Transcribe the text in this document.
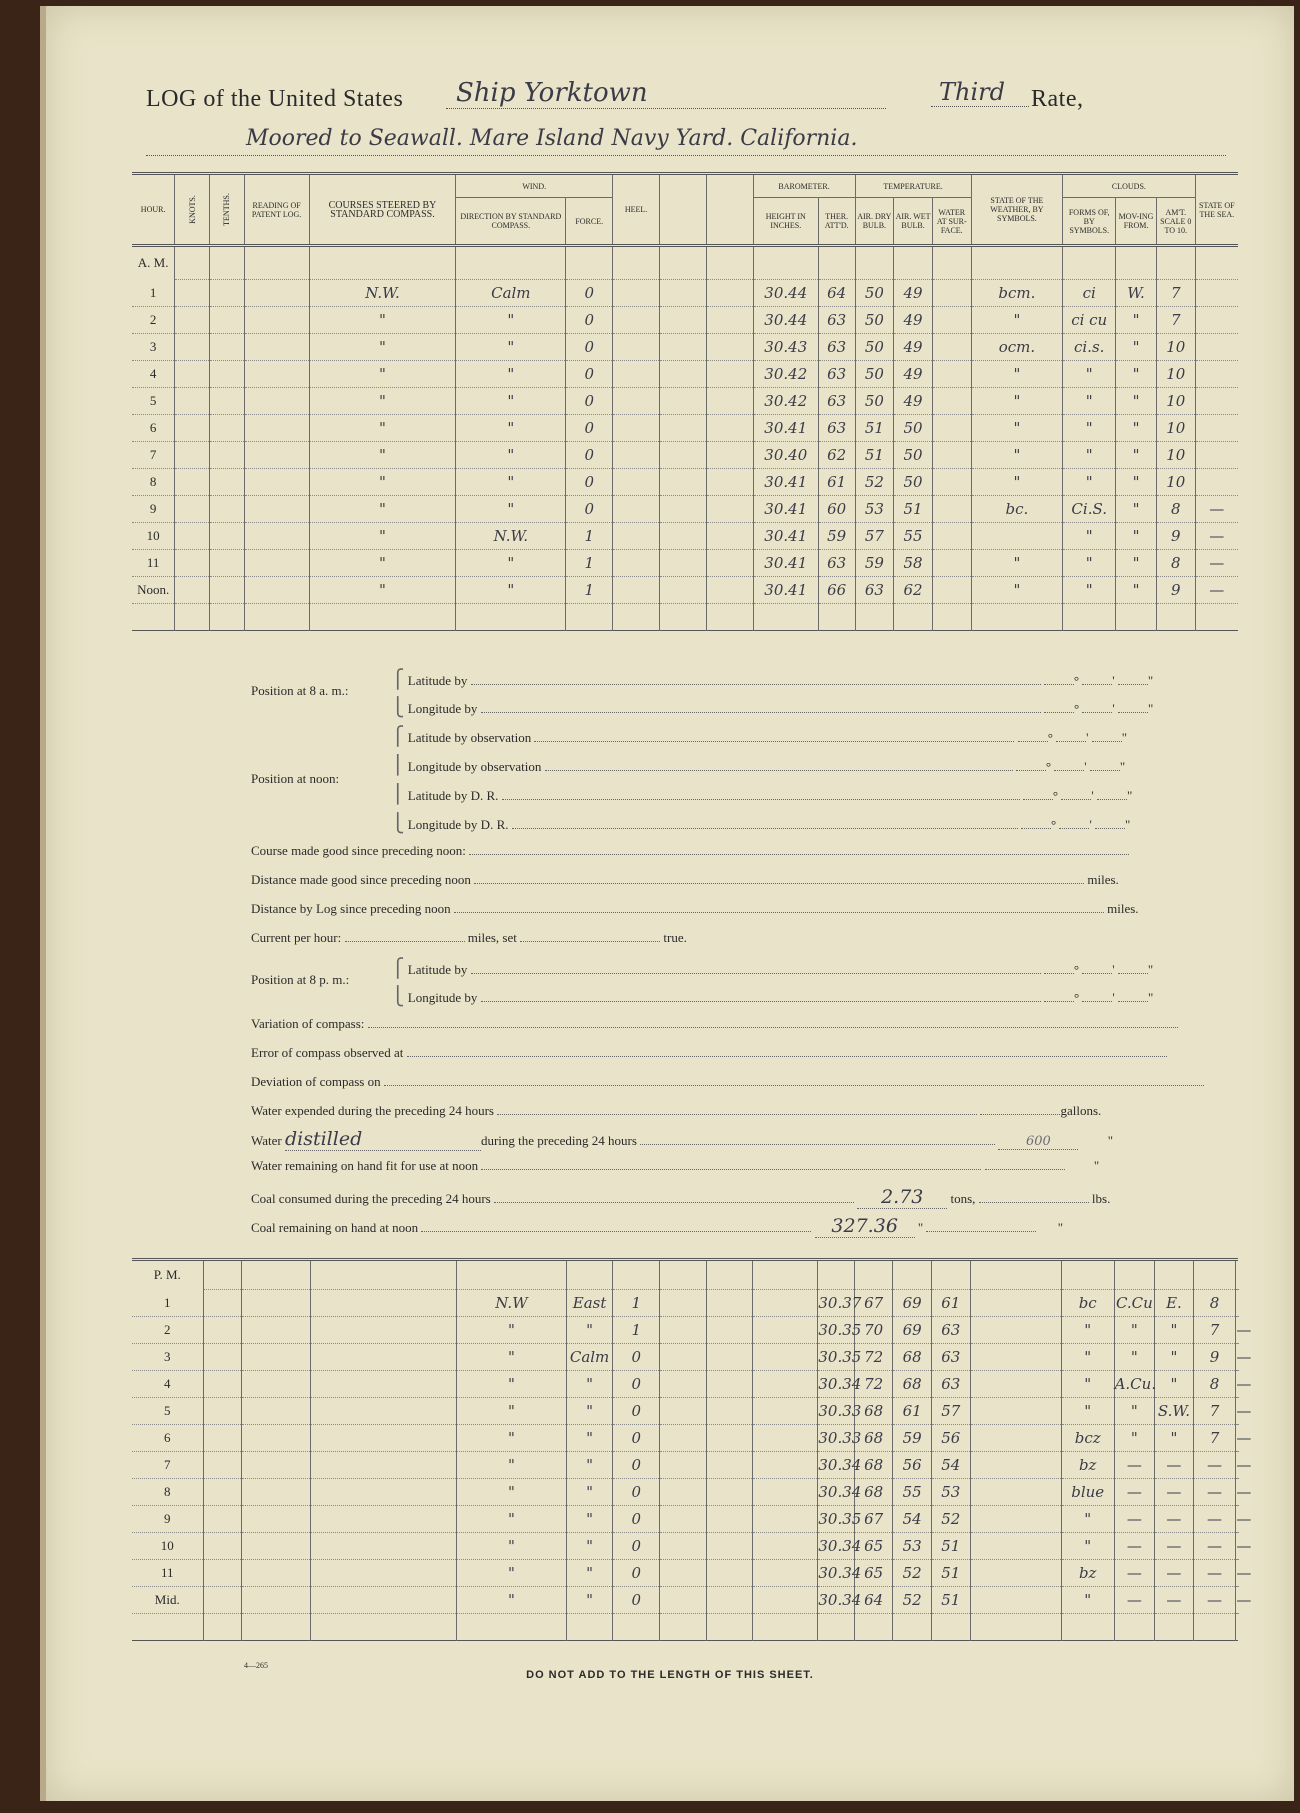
LOG of the United States	Ship Yorktown	Third	Rate,
Moored to Seawall. Mare Island Navy Yard. California.
HOUR.	KNOTS.	TENTHS.	READING OF PATENT LOG.	COURSES STEERED BY STANDARD COMPASS.	WIND.		HEEL.			BAROMETER.		TEMPERATURE.			STATE OF THE WEATHER, BY SYMBOLS.	CLOUDS.			STATE OF THE SEA.
					DIRECTION BY STANDARD COMPASS.	FORCE.				HEIGHT IN INCHES.	THER. ATT'D.	AIR. DRY BULB.	AIR. WET BULB.	WATER AT SUR-FACE.		FORMS OF, BY SYMBOLS.	MOV-ING FROM.	AM'T. SCALE 0 TO 10.	
A. M.																			
1				N.W.	Calm	0				30.44	64	50	49		bcm.	ci	W.	7	
2				"	"	0				30.44	63	50	49		"	ci cu	"	7	
3				"	"	0				30.43	63	50	49		ocm.	ci.s.	"	10	
4				"	"	0				30.42	63	50	49		"	"	"	10	
5				"	"	0				30.42	63	50	49		"	"	"	10	
6				"	"	0				30.41	63	51	50		"	"	"	10	
7				"	"	0				30.40	62	51	50		"	"	"	10	
8				"	"	0				30.41	61	52	50		"	"	"	10	
9				"	"	0				30.41	60	53	51		bc.	Ci.S.	"	8	—
10				"	N.W.	1				30.41	59	57	55			"	"	9	—
11				"	"	1				30.41	63	59	58		"	"	"	8	—
Noon.				"	"	1				30.41	66	63	62		"	"	"	9	—

Position at 8 a. m.:
⎧ Latitude by	°	'	"
⎩ Longitude by	°	'	"
Position at noon:
⎧ Latitude by observation	°	'	"
⎪ Longitude by observation	°	'	"
⎪ Latitude by D. R.	°	'	"
⎩ Longitude by D. R.	°	'	"
Course made good since preceding noon:
Distance made good since preceding noon	miles.
Distance by Log since preceding noon	miles.
Current per hour:	miles, set	true.
Position at 8 p. m.:
⎧ Latitude by	°	'	"
⎩ Longitude by	°	'	"
Variation of compass:
Error of compass observed at
Deviation of compass on
Water expended during the preceding 24 hours	gallons.
Water distilled	during the preceding 24 hours	600	"
Water remaining on hand fit for use at noon	"
Coal consumed during the preceding 24 hours	2.73 tons,	lbs.
Coal remaining on hand at noon	327.36 "	"
P. M.																			
1				N.W	East	1				30.37	67	69	61		bc	C.Cu	E.	8	
2				"	"	1				30.35	70	69	63		"	"	"	7	—
3				"	Calm	0				30.35	72	68	63		"	"	"	9	—
4				"	"	0				30.34	72	68	63		"	A.Cu.	"	8	—
5				"	"	0				30.33	68	61	57		"	"	S.W.	7	—
6				"	"	0				30.33	68	59	56		bcz	"	"	7	—
7				"	"	0				30.34	68	56	54		bz	—	—	—	—
8				"	"	0				30.34	68	55	53		blue	—	—	—	—
9				"	"	0				30.35	67	54	52		"	—	—	—	—
10				"	"	0				30.34	65	53	51		"	—	—	—	—
11				"	"	0				30.34	65	52	51		bz	—	—	—	—
Mid.				"	"	0				30.34	64	52	51		"	—	—	—	—

4—265
DO NOT ADD TO THE LENGTH OF THIS SHEET.
